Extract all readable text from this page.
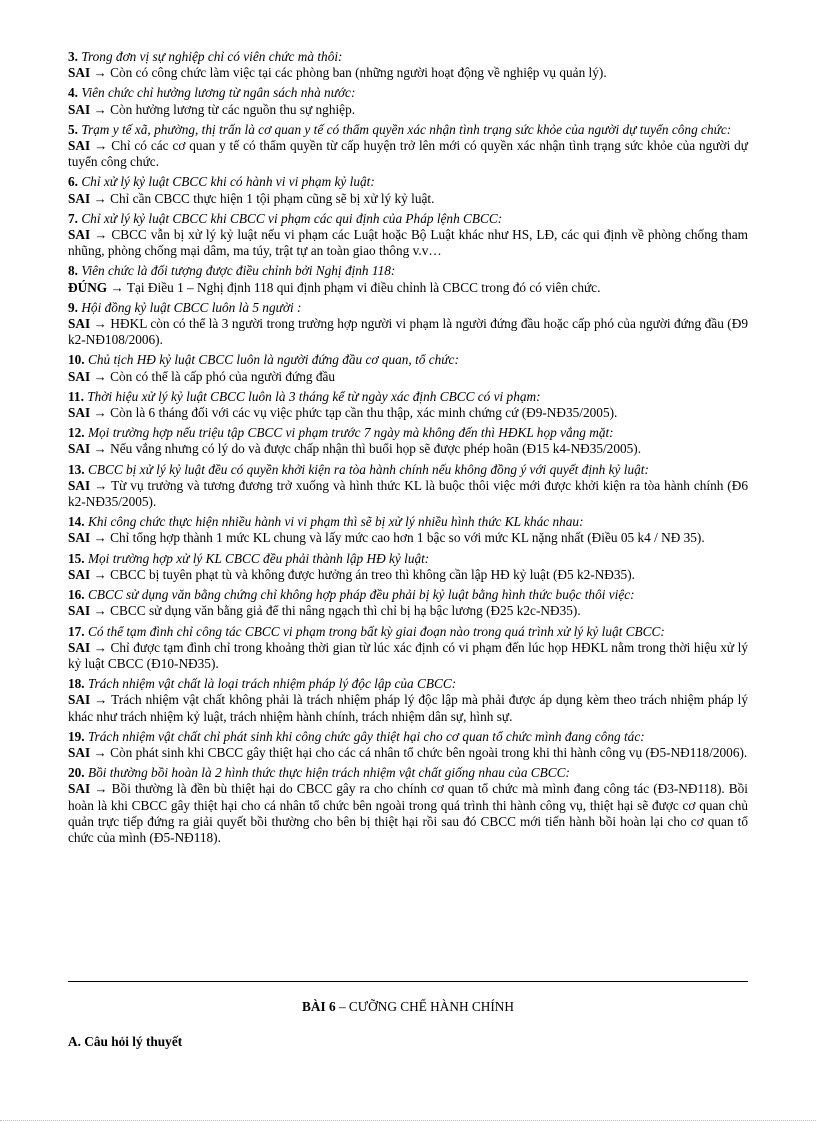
3. Trong đơn vị sự nghiệp chỉ có viên chức mà thôi:

SAI → Còn có công chức làm việc tại các phòng ban (những người hoạt động về nghiệp vụ quản lý).

4. Viên chức chỉ hưởng lương từ ngân sách nhà nước:

SAI → Còn hưởng lương từ các nguồn thu sự nghiệp.

5. Trạm y tế xã, phường, thị trấn là cơ quan y tế có thẩm quyền xác nhận tình trạng sức khỏe của người dự tuyển công chức:

SAI → Chỉ có các cơ quan y tế có thẩm quyền từ cấp huyện trở lên mới có quyền xác nhận tình trạng sức khỏe của người dự tuyển công chức.

6. Chỉ xử lý kỷ luật CBCC khi có hành vi vi phạm kỷ luật:

SAI → Chỉ cần CBCC thực hiện 1 tội phạm cũng sẽ bị xử lý kỷ luật.

7. Chỉ xử lý kỷ luật CBCC khi CBCC vi phạm các qui định của Pháp lệnh CBCC:

SAI → CBCC vẫn bị xử lý kỷ luật nếu vi phạm các Luật hoặc Bộ Luật khác như HS, LĐ, các qui định về phòng chống tham nhũng, phòng chống mại dâm, ma túy, trật tự an toàn giao thông v.v…

8. Viên chức là đối tượng được điều chỉnh bởi Nghị định 118:

ĐÚNG → Tại Điều 1 – Nghị định 118 qui định phạm vi điều chỉnh là CBCC trong đó có viên chức.

9. Hội đồng kỷ luật CBCC luôn là 5 người :

SAI → HĐKL còn có thể là 3 người trong trường hợp người vi phạm là người đứng đầu hoặc cấp phó của người đứng đầu (Đ9 k2-NĐ108/2006).

10. Chủ tịch HĐ kỷ luật CBCC luôn là người đứng đầu cơ quan, tổ chức:

SAI → Còn có thể là cấp phó của người đứng đầu

11. Thời hiệu xử lý kỷ luật CBCC luôn là 3 tháng kể từ ngày xác định CBCC có vi phạm:

SAI → Còn là 6 tháng đối với các vụ việc phức tạp cần thu thập, xác minh chứng cứ (Đ9-NĐ35/2005).

12. Mọi trường hợp nếu triệu tập CBCC vi phạm trước 7 ngày mà không đến thì HĐKL họp vắng mặt:

SAI → Nếu vắng nhưng có lý do và được chấp nhận thì buổi họp sẽ được phép hoãn (Đ15 k4-NĐ35/2005).

13. CBCC bị xử lý kỷ luật đều có quyền khởi kiện ra tòa hành chính nếu không đồng ý với quyết định kỷ luật:

SAI → Từ vụ trưởng và tương đương trở xuống và hình thức KL là buộc thôi việc mới được khởi kiện ra tòa hành chính (Đ6 k2-NĐ35/2005).

14. Khi công chức thực hiện nhiều hành vi vi phạm thì sẽ bị xử lý nhiều hình thức KL khác nhau:

SAI → Chỉ tổng hợp thành 1 mức KL chung và lấy mức cao hơn 1 bậc so với mức KL nặng nhất (Điều 05 k4 / NĐ 35).

15. Mọi trường hợp xử lý KL CBCC đều phải thành lập HĐ kỷ luật:

SAI → CBCC bị tuyên phạt tù và không được hưởng án treo thì không cần lập HĐ kỷ luật (Đ5 k2-NĐ35).

16. CBCC sử dụng văn bằng chứng chỉ không hợp pháp đều phải bị kỷ luật bằng hình thức buộc thôi việc:

SAI → CBCC sử dụng văn bằng giả để thi nâng ngạch thì chỉ bị hạ bậc lương (Đ25 k2c-NĐ35).

17. Có thể tạm đình chỉ công tác CBCC vi phạm trong bất kỳ giai đoạn nào trong quá trình xử lý kỷ luật CBCC:

SAI → Chỉ được tạm đình chỉ trong khoảng thời gian từ lúc xác định có vi phạm đến lúc họp HĐKL nằm trong thời hiệu xử lý kỷ luật CBCC (Đ10-NĐ35).

18. Trách nhiệm vật chất là loại trách nhiệm pháp lý độc lập của CBCC:

SAI → Trách nhiệm vật chất không phải là trách nhiệm pháp lý độc lập mà phải được áp dụng kèm theo trách nhiệm pháp lý khác như trách nhiệm kỷ luật, trách nhiệm hành chính, trách nhiệm dân sự, hình sự.

19. Trách nhiệm vật chất chỉ phát sinh khi công chức gây thiệt hại cho cơ quan tổ chức mình đang công tác:

SAI → Còn phát sinh khi CBCC gây thiệt hại cho các cá nhân tổ chức bên ngoài trong khi thi hành công vụ (Đ5-NĐ118/2006).

20. Bồi thường bồi hoàn là 2 hình thức thực hiện trách nhiệm vật chất giống nhau của CBCC:

SAI → Bồi thường là đền bù thiệt hại do CBCC gây ra cho chính cơ quan tổ chức mà mình đang công tác (Đ3-NĐ118). Bồi hoàn là khi CBCC gây thiệt hại cho cá nhân tổ chức bên ngoài trong quá trình thi hành công vụ, thiệt hại sẽ được cơ quan chủ quản trực tiếp đứng ra giải quyết bồi thường cho bên bị thiệt hại rồi sau đó CBCC mới tiến hành bồi hoàn lại cho cơ quan tổ chức của mình (Đ5-NĐ118).

BÀI 6 – CƯỠNG CHẾ HÀNH CHÍNH
A. Câu hỏi lý thuyết
